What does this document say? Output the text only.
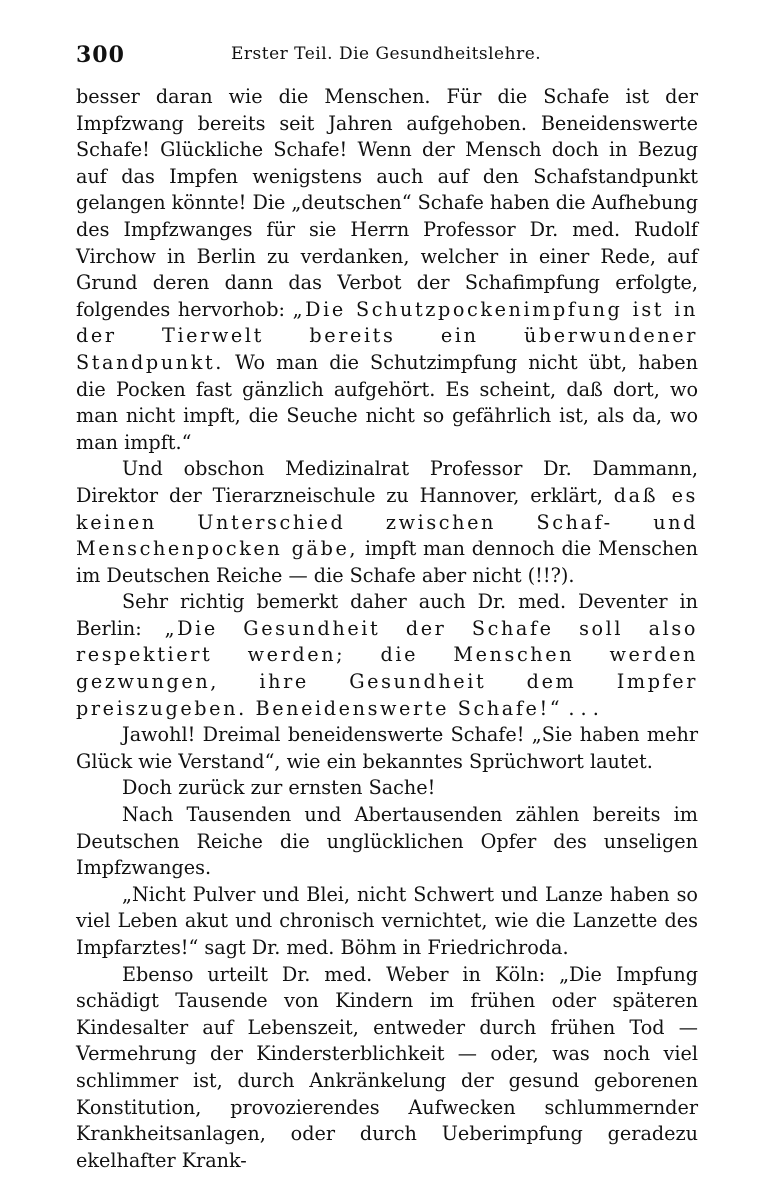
300	Erster Teil. Die Gesundheitslehre.

besser daran wie die Menschen. Für die Schafe ist der Impfzwang bereits seit Jahren aufgehoben. Beneidenswerte Schafe! Glückliche Schafe! Wenn der Mensch doch in Bezug auf das Impfen wenigstens auch auf den Schafstandpunkt gelangen könnte! Die „deutschen“ Schafe haben die Aufhebung des Impfzwanges für sie Herrn Professor Dr. med. Rudolf Virchow in Berlin zu verdanken, welcher in einer Rede, auf Grund deren dann das Verbot der Schafimpfung erfolgte, folgendes hervorhob: „Die Schutzpockenimpfung ist in der Tierwelt bereits ein überwundener Standpunkt. Wo man die Schutzimpfung nicht übt, haben die Pocken fast gänzlich aufgehört. Es scheint, daß dort, wo man nicht impft, die Seuche nicht so gefährlich ist, als da, wo man impft.“

Und obschon Medizinalrat Professor Dr. Dammann, Direktor der Tierarzneischule zu Hannover, erklärt, daß es keinen Unterschied zwischen Schaf- und Menschenpocken gäbe, impft man dennoch die Menschen im Deutschen Reiche — die Schafe aber nicht (!!?).

Sehr richtig bemerkt daher auch Dr. med. Deventer in Berlin: „Die Gesundheit der Schafe soll also respektiert werden; die Menschen werden gezwungen, ihre Gesundheit dem Impfer preiszugeben. Beneidenswerte Schafe!“ . . .

Jawohl! Dreimal beneidenswerte Schafe! „Sie haben mehr Glück wie Verstand“, wie ein bekanntes Sprüchwort lautet.

Doch zurück zur ernsten Sache!

Nach Tausenden und Abertausenden zählen bereits im Deutschen Reiche die unglücklichen Opfer des unseligen Impfzwanges.

„Nicht Pulver und Blei, nicht Schwert und Lanze haben so viel Leben akut und chronisch vernichtet, wie die Lanzette des Impfarztes!“ sagt Dr. med. Böhm in Friedrichroda.

Ebenso urteilt Dr. med. Weber in Köln: „Die Impfung schädigt Tausende von Kindern im frühen oder späteren Kindesalter auf Lebenszeit, entweder durch frühen Tod — Vermehrung der Kindersterblichkeit — oder, was noch viel schlimmer ist, durch Ankränkelung der gesund geborenen Konstitution, provozierendes Aufwecken schlummernder Krankheitsanlagen, oder durch Ueberimpfung geradezu ekelhafter Krank-
